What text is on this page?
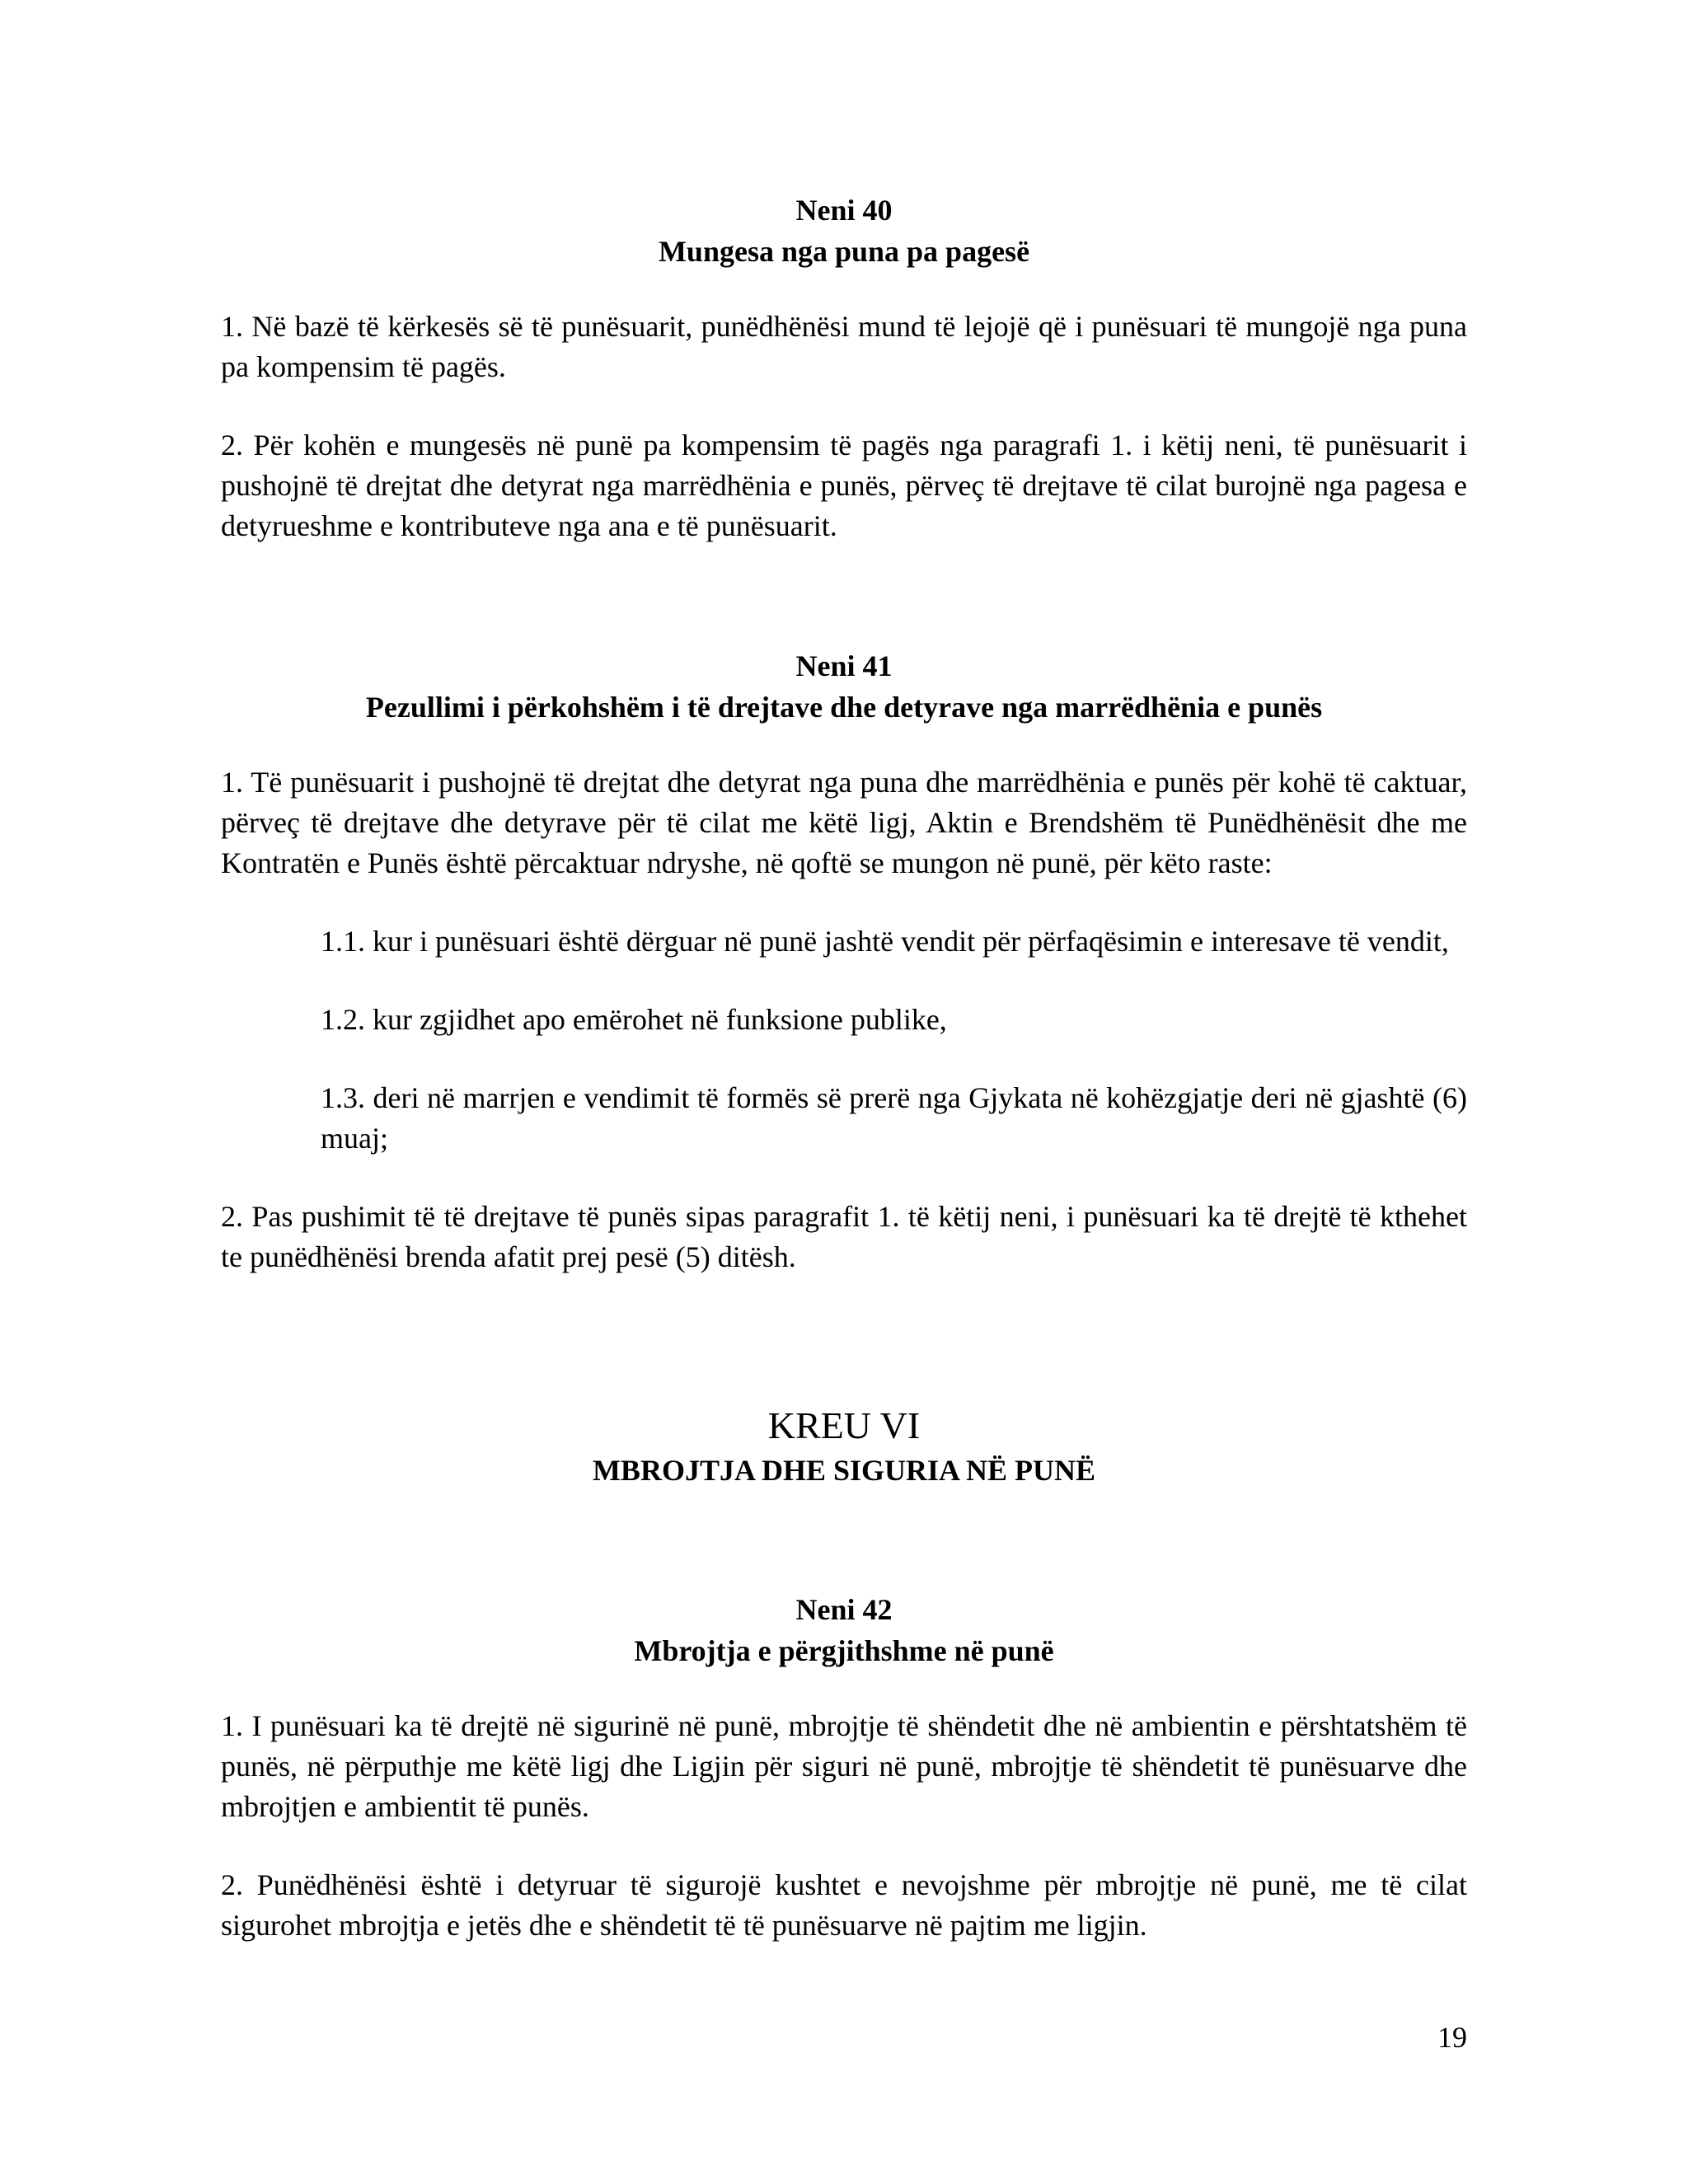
Neni 40
Mungesa nga puna pa pagesë

1. Në bazë të kërkesës së të punësuarit, punëdhënësi mund të lejojë që i punësuari të mungojë nga puna pa kompensim të pagës.

2. Për kohën e mungesës në punë pa kompensim të pagës nga paragrafi 1. i këtij neni, të punësuarit i pushojnë të drejtat dhe detyrat nga marrëdhënia e punës, përveç të drejtave të cilat burojnë nga pagesa e detyrueshme e kontributeve nga ana e të punësuarit.

Neni 41
Pezullimi i përkohshëm i të drejtave dhe detyrave nga marrëdhënia e punës

1. Të punësuarit i pushojnë të drejtat dhe detyrat nga puna dhe marrëdhënia e punës për kohë të caktuar, përveç të drejtave dhe detyrave për të cilat me këtë ligj, Aktin e Brendshëm të Punëdhënësit dhe me Kontratën e Punës është përcaktuar ndryshe, në qoftë se mungon në punë, për këto raste:

1.1. kur i punësuari është dërguar në punë jashtë vendit për përfaqësimin e interesave të vendit,

1.2. kur zgjidhet apo emërohet në funksione publike,

1.3. deri në marrjen e vendimit të formës së prerë nga Gjykata në kohëzgjatje deri në gjashtë (6) muaj;

2. Pas pushimit të të drejtave të punës sipas paragrafit 1. të këtij neni, i punësuari ka të drejtë të kthehet te punëdhënësi brenda afatit prej pesë (5) ditësh.

KREU VI
MBROJTJA DHE SIGURIA NË PUNË
Neni 42
Mbrojtja e përgjithshme në punë

1. I punësuari ka të drejtë në sigurinë në punë, mbrojtje të shëndetit dhe në ambientin e përshtatshëm të punës, në përputhje me këtë ligj dhe Ligjin për siguri në punë, mbrojtje të shëndetit të punësuarve dhe mbrojtjen e ambientit të punës.

2. Punëdhënësi është i detyruar të sigurojë kushtet e nevojshme për mbrojtje në punë, me të cilat sigurohet mbrojtja e jetës dhe e shëndetit të të punësuarve në pajtim me ligjin.

19
